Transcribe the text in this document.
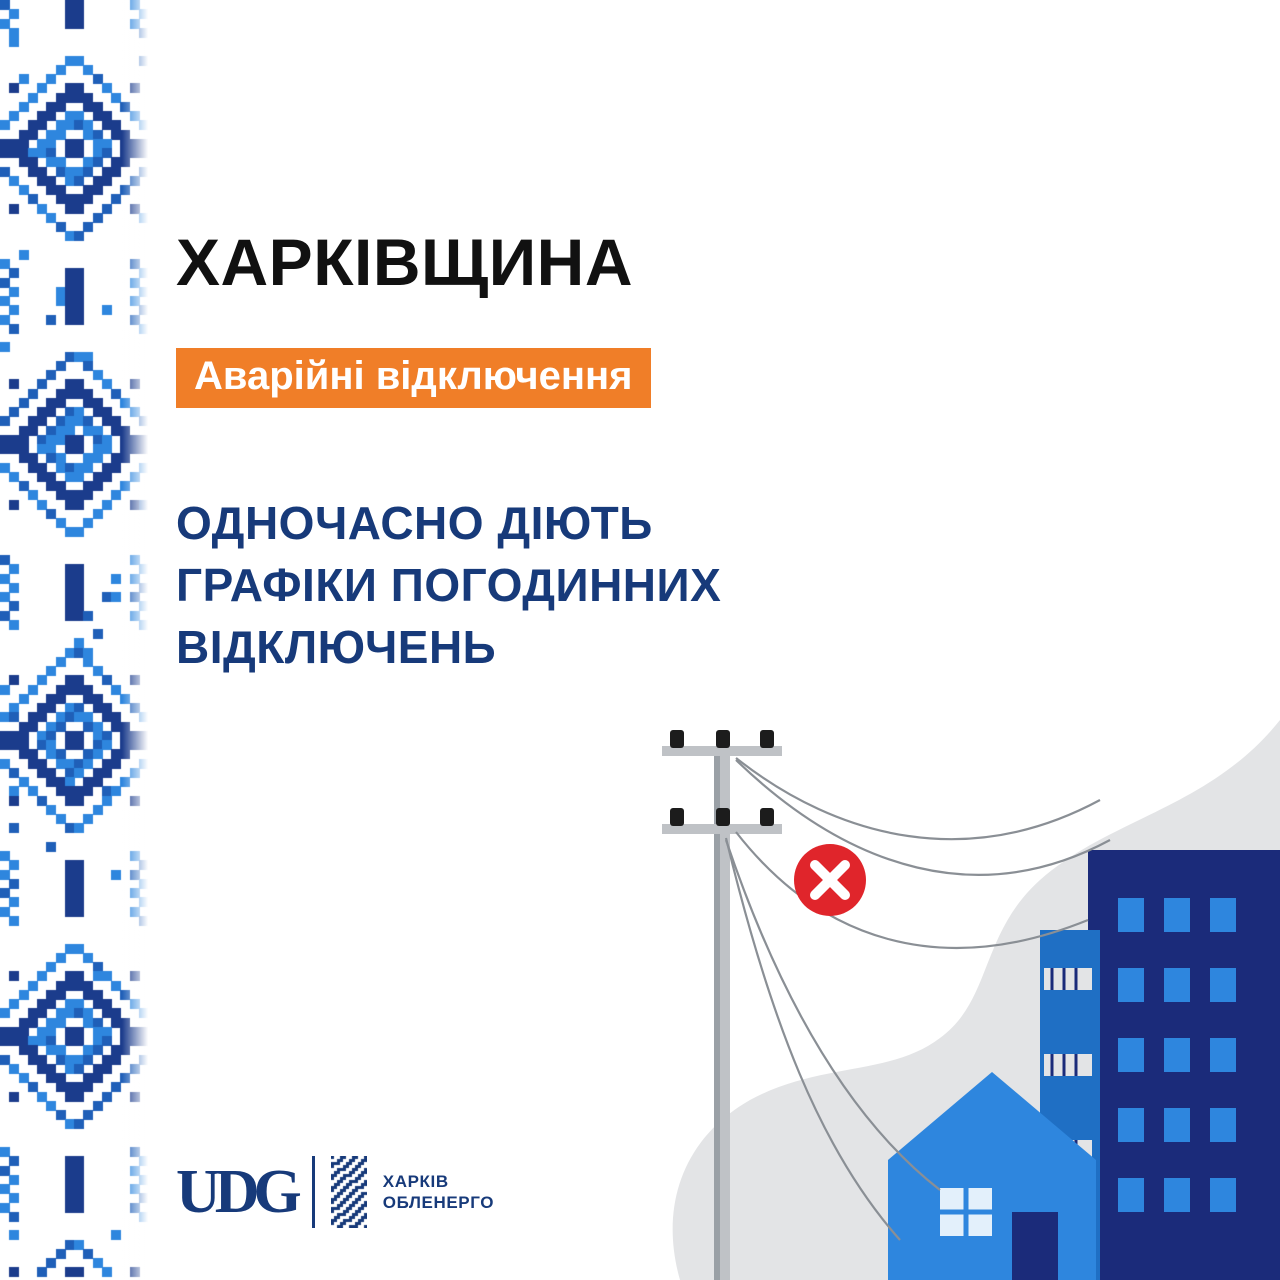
ХАРКІВЩИНА
Аварійні відключення
ОДНОЧАСНО ДІЮТЬ
ГРАФІКИ ПОГОДИННИХ
ВІДКЛЮЧЕНЬ
UDG	ХАРКІВ
ОБЛЕНЕРГО
